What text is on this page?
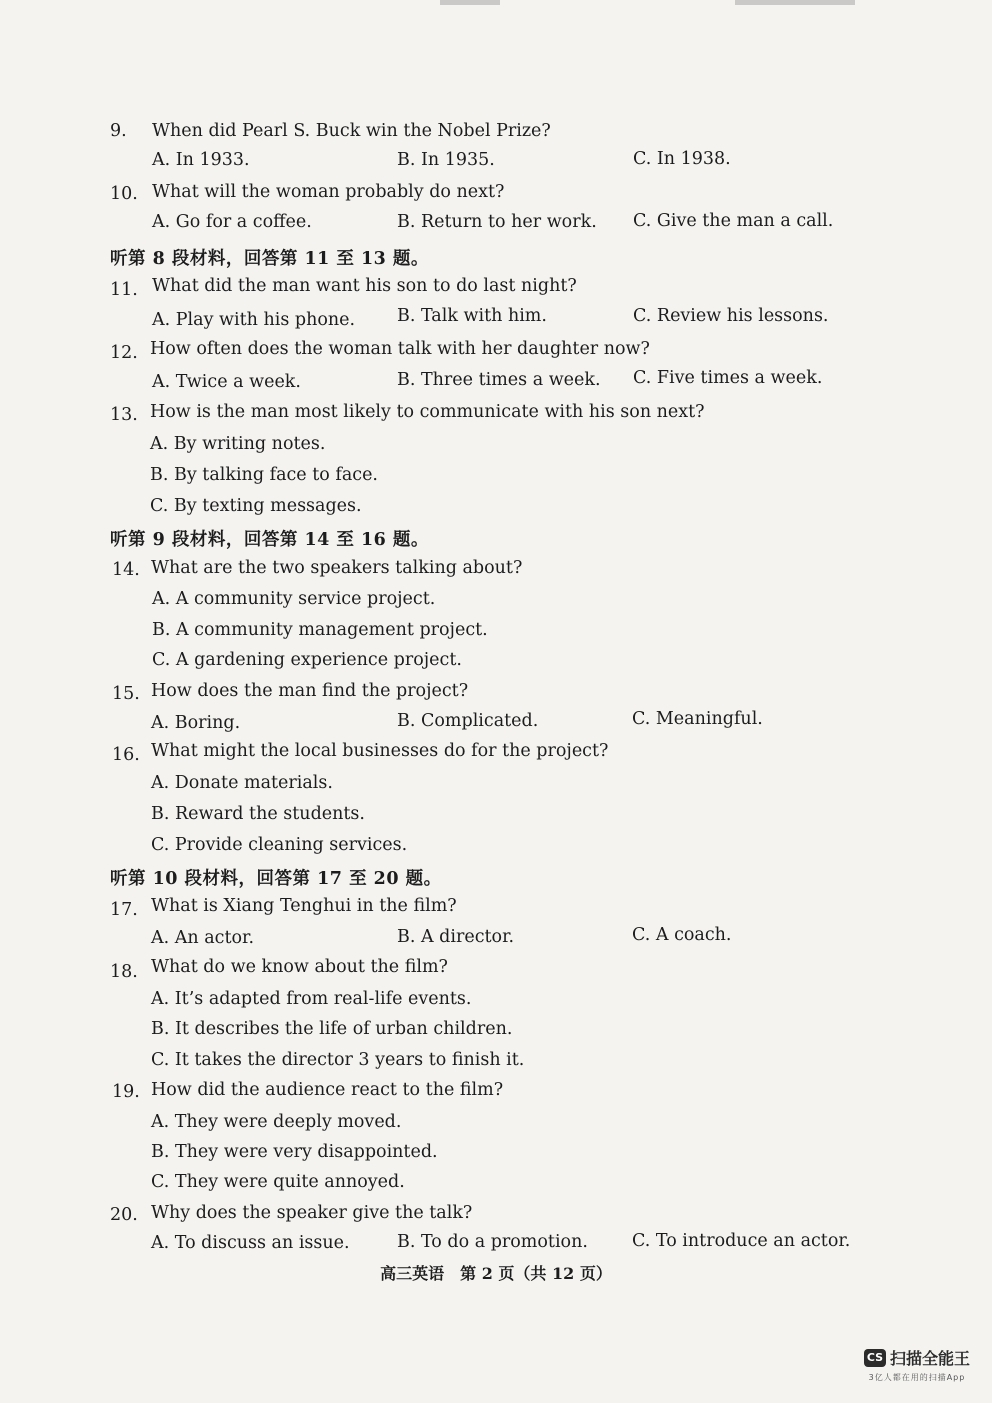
9. When did Pearl S. Buck win the Nobel Prize?
A. In 1933.	B. In 1935.	C. In 1938.
10. What will the woman probably do next?
A. Go for a coffee.	B. Return to her work. C. Give the man a call.
听第 8 段材料，回答第 11 至 13 题。
11. What did the man want his son to do last night?
A. Play with his phone. B. Talk with him.	C. Review his lessons.
12. How often does the woman talk with her daughter now?
A. Twice a week.	B. Three times a week. C. Five times a week.
13. How is the man most likely to communicate with his son next?
A. By writing notes.
B. By talking face to face.
C. By texting messages.
听第 9 段材料，回答第 14 至 16 题。
14. What are the two speakers talking about?
A. A community service project.
B. A community management project.
C. A gardening experience project.
15. How does the man find the project?
A. Boring.	B. Complicated.	C. Meaningful.
16. What might the local businesses do for the project?
A. Donate materials.
B. Reward the students.
C. Provide cleaning services.
听第 10 段材料，回答第 17 至 20 题。
17. What is Xiang Tenghui in the film?
A. An actor.	B. A director.	C. A coach.
18. What do we know about the film?
A. It’s adapted from real-life events.
B. It describes the life of urban children.
C. It takes the director 3 years to finish it.
19. How did the audience react to the film?
A. They were deeply moved.
B. They were very disappointed.
C. They were quite annoyed.
20. Why does the speaker give the talk?
A. To discuss an issue.	B. To do a promotion.	C. To introduce an actor.
高三英语　第 2 页（共 12 页）
CS 扫描全能王
3亿人都在用的扫描App
